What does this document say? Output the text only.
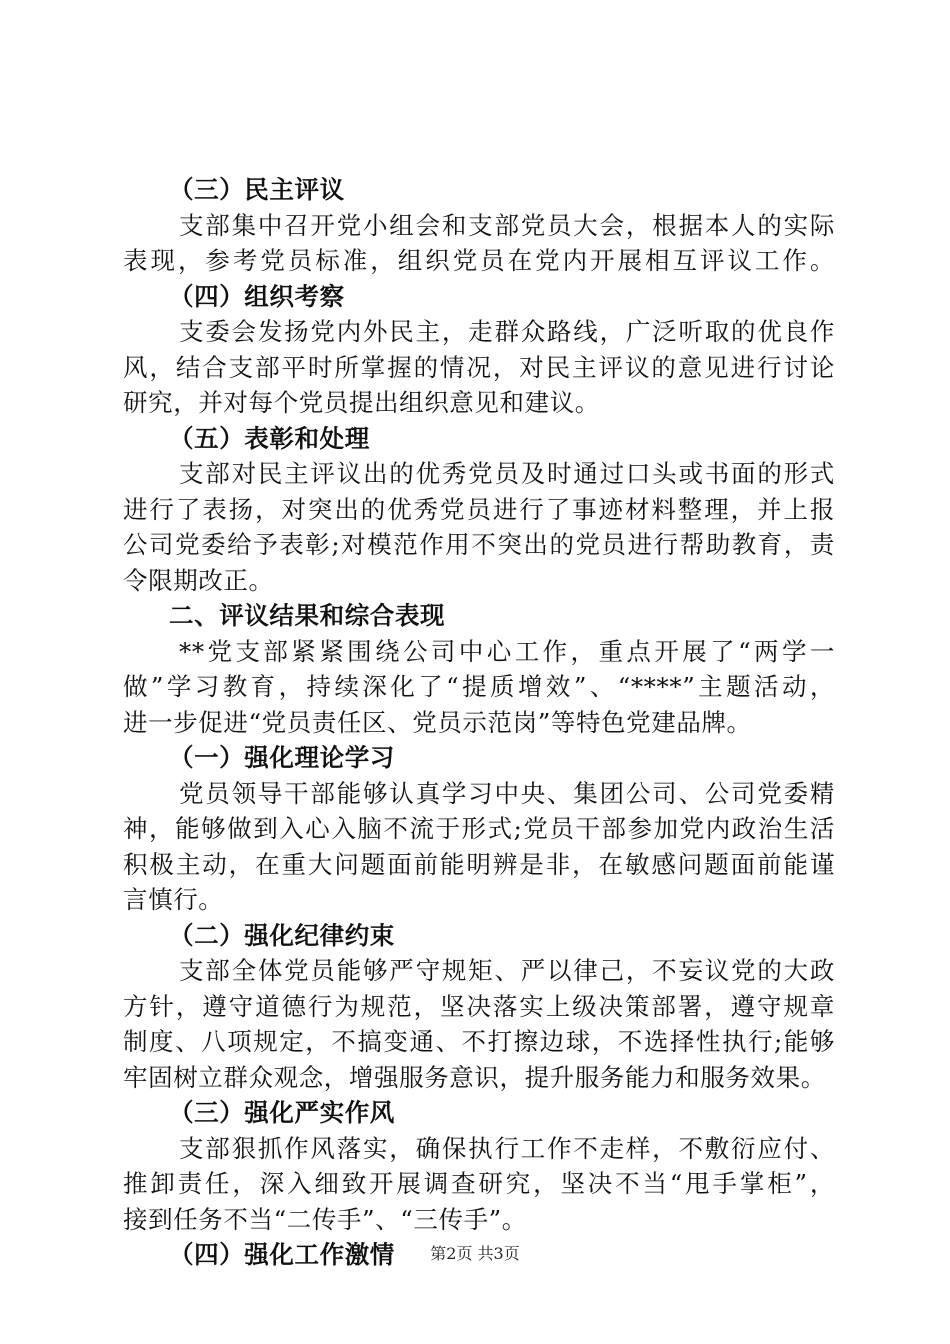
（三）民主评议
支部集中召开党小组会和支部党员大会，根据本人的实际
表现，参考党员标准，组织党员在党内开展相互评议工作。
（四）组织考察
支委会发扬党内外民主，走群众路线，广泛听取的优良作
风，结合支部平时所掌握的情况，对民主评议的意见进行讨论
研究，并对每个党员提出组织意见和建议。
（五）表彰和处理
支部对民主评议出的优秀党员及时通过口头或书面的形式
进行了表扬，对突出的优秀党员进行了事迹材料整理，并上报
公司党委给予表彰;对模范作用不突出的党员进行帮助教育，责
令限期改正。
二、评议结果和综合表现
**党支部紧紧围绕公司中心工作，重点开展了“两学一
做”学习教育，持续深化了“提质增效”、“****”主题活动，
进一步促进“党员责任区、党员示范岗”等特色党建品牌。
（一）强化理论学习
党员领导干部能够认真学习中央、集团公司、公司党委精
神，能够做到入心入脑不流于形式;党员干部参加党内政治生活
积极主动，在重大问题面前能明辨是非，在敏感问题面前能谨
言慎行。
（二）强化纪律约束
支部全体党员能够严守规矩、严以律己，不妄议党的大政
方针，遵守道德行为规范，坚决落实上级决策部署，遵守规章
制度、八项规定，不搞变通、不打擦边球，不选择性执行;能够
牢固树立群众观念，增强服务意识，提升服务能力和服务效果。
（三）强化严实作风
支部狠抓作风落实，确保执行工作不走样，不敷衍应付、
推卸责任，深入细致开展调查研究，坚决不当“甩手掌柜”，
接到任务不当“二传手”、“三传手”。
（四）强化工作激情	第2页 共3页
